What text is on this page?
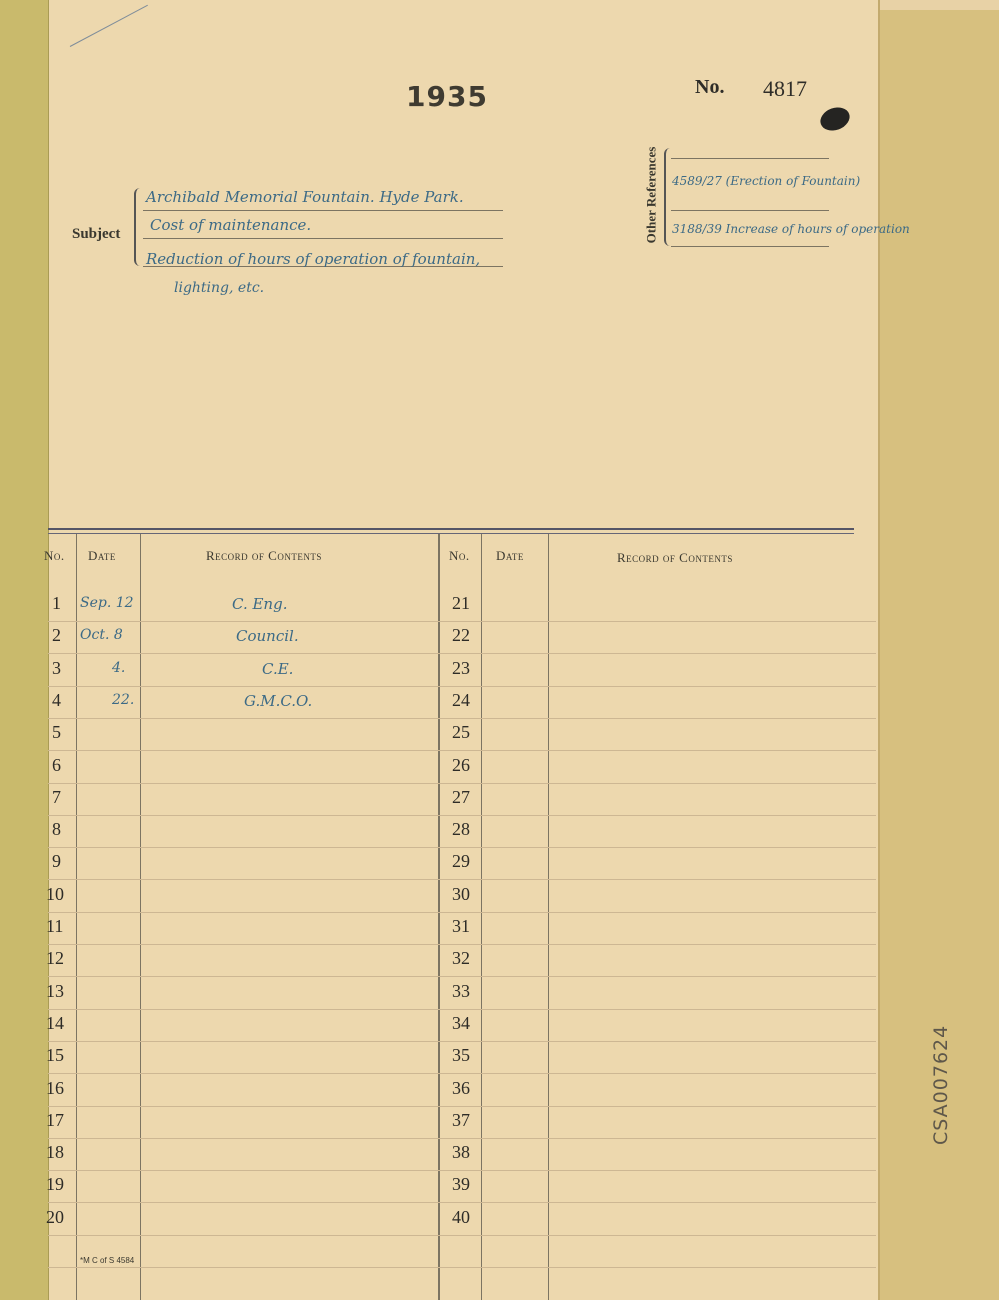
1935	No. 4817
Subject
Archibald Memorial Fountain. Hyde Park.
Cost of maintenance.
Reduction of hours of operation of fountain,
lighting, etc.
Other References 4589/27 (Erection of Fountain)
3188/39 Increase of hours of operation
No. Date	Record of Contents	No. Date	Record of Contents
1 Sep. 12	C. Eng.
2 Oct. 8	Council.
3	4.	C.E.
4	22.	G.M.C.O.
5
6
7
8
9
10
11
12
13
14
15
16
17
18
19
20
21
22
23
24
25
26
27
28
29
30
31
32
33
34
35
36
37
38
39
40
*M C of S 4584
CSA007624
